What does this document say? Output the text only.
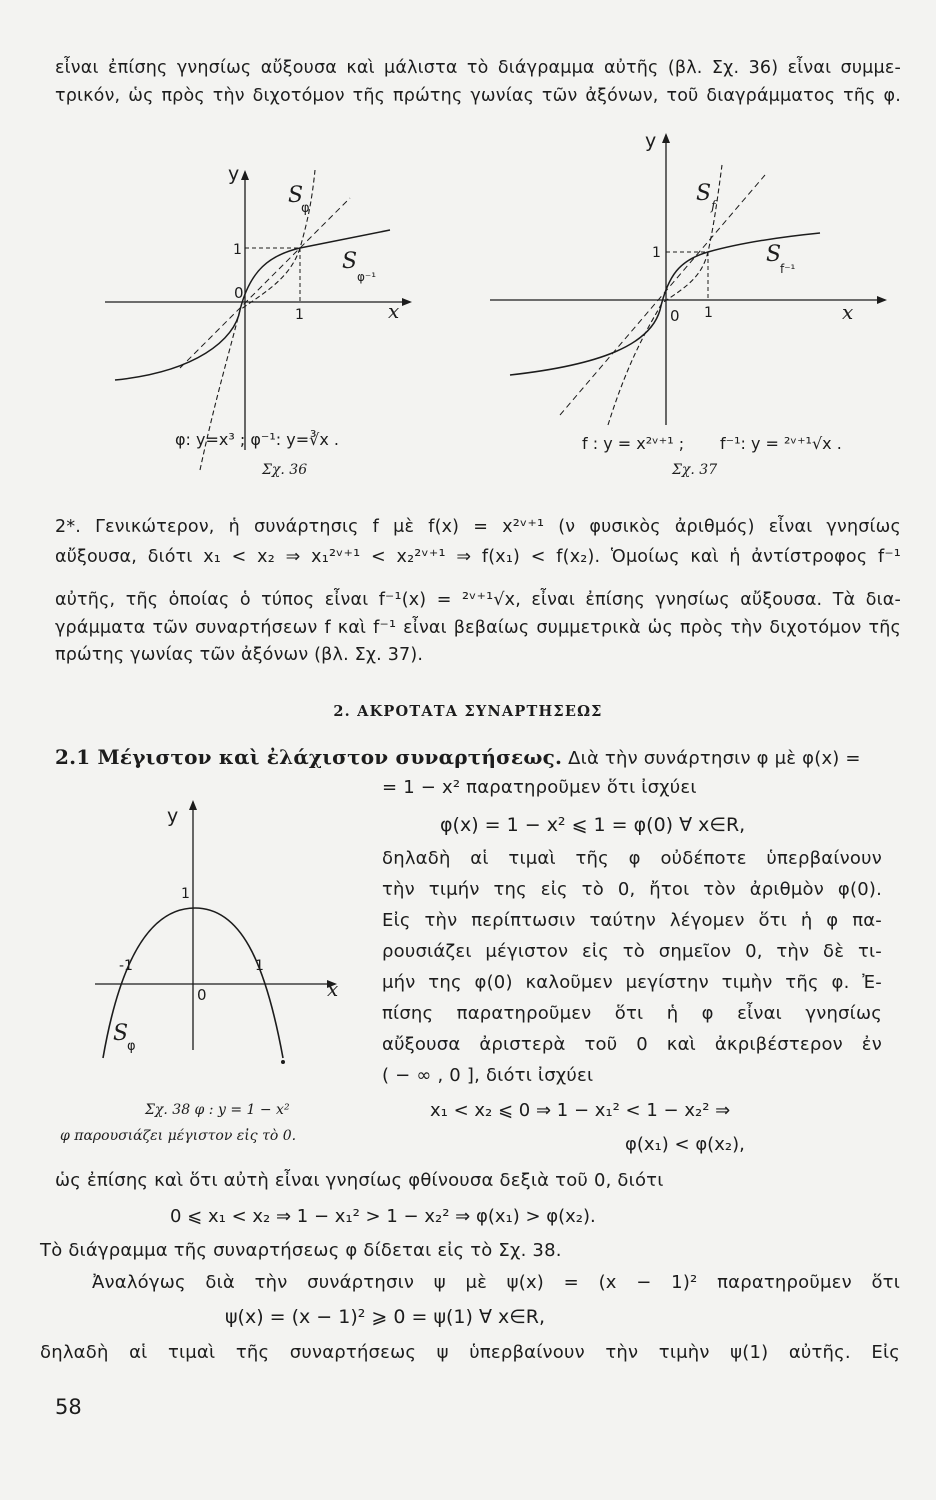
εἶναι ἐπίσης γνησίως αὔξουσα καὶ μάλιστα τὸ διάγραμμα αὐτῆς (βλ. Σχ. 36) εἶναι συμμε-
τρικόν, ὡς πρὸς τὴν διχοτόμον τῆς πρώτης γωνίας τῶν ἀξόνων, τοῦ διαγράμματος τῆς φ.
y
x
0
1
1
S
φ
S
φ⁻¹
φ: y=x³ ; φ⁻¹: y=∛x .
Σχ. 36
y
x
0 1
1
S
f
S
f⁻¹
f : y = x²ᵛ⁺¹ ; f⁻¹: y = ²ᵛ⁺¹√x .
Σχ. 37
2*. Γενικώτερον, ἡ συνάρτησις f μὲ f(x) = x²ᵛ⁺¹ (ν φυσικὸς ἀριθμός) εἶναι γνησίως
αὔξουσα, διότι x₁ < x₂ ⇒ x₁²ᵛ⁺¹ < x₂²ᵛ⁺¹ ⇒ f(x₁) < f(x₂). Ὁμοίως καὶ ἡ ἀντίστροφος f⁻¹
αὐτῆς, τῆς ὁποίας ὁ τύπος εἶναι f⁻¹(x) = ²ᵛ⁺¹√x, εἶναι ἐπίσης γνησίως αὔξουσα. Τὰ δια-
γράμματα τῶν συναρτήσεων f καὶ f⁻¹ εἶναι βεβαίως συμμετρικὰ ὡς πρὸς τὴν διχοτόμον τῆς
πρώτης γωνίας τῶν ἀξόνων (βλ. Σχ. 37).
2. ΑΚΡΟΤΑΤΑ ΣΥΝΑΡΤΗΣΕΩΣ
2.1 Μέγιστον καὶ ἐλάχιστον συναρτήσεως. Διὰ τὴν συνάρτησιν φ μὲ φ(x) =
= 1 − x² παρατηροῦμεν ὅτι ἰσχύει
φ(x) = 1 − x² ⩽ 1 = φ(0) ∀ x∈R,
δηλαδὴ αἱ τιμαὶ τῆς φ οὐδέποτε ὑπερβαίνουν
τὴν τιμήν της εἰς τὸ 0, ἤτοι τὸν ἀριθμὸν φ(0).
Εἰς τὴν περίπτωσιν ταύτην λέγομεν ὅτι ἡ φ πα-
ρουσιάζει μέγιστον εἰς τὸ σημεῖον 0, τὴν δὲ τι-
μήν της φ(0) καλοῦμεν μεγίστην τιμὴν τῆς φ. Ἐ-
πίσης παρατηροῦμεν ὅτι ἡ φ εἶναι γνησίως
αὔξουσα ἀριστερὰ τοῦ 0 καὶ ἀκριβέστερον ἐν
( − ∞ , 0 ], διότι ἰσχύει
y
x
0
1
-1
1
S
φ
Σχ. 38 φ : y = 1 − x²
φ παρουσιάζει μέγιστον εἰς τὸ 0.
x₁ < x₂ ⩽ 0 ⇒ 1 − x₁² < 1 − x₂² ⇒
φ(x₁) < φ(x₂),
ὡς ἐπίσης καὶ ὅτι αὐτὴ εἶναι γνησίως φθίνουσα δεξιὰ τοῦ 0, διότι
0 ⩽ x₁ < x₂ ⇒ 1 − x₁² > 1 − x₂² ⇒ φ(x₁) > φ(x₂).
Τὸ διάγραμμα τῆς συναρτήσεως φ δίδεται εἰς τὸ Σχ. 38.
Ἀναλόγως διὰ τὴν συνάρτησιν ψ μὲ ψ(x) = (x − 1)² παρατηροῦμεν ὅτι
ψ(x) = (x − 1)² ⩾ 0 = ψ(1) ∀ x∈R,
δηλαδὴ αἱ τιμαὶ τῆς συναρτήσεως ψ ὑπερβαίνουν τὴν τιμὴν ψ(1) αὐτῆς. Εἰς
58
